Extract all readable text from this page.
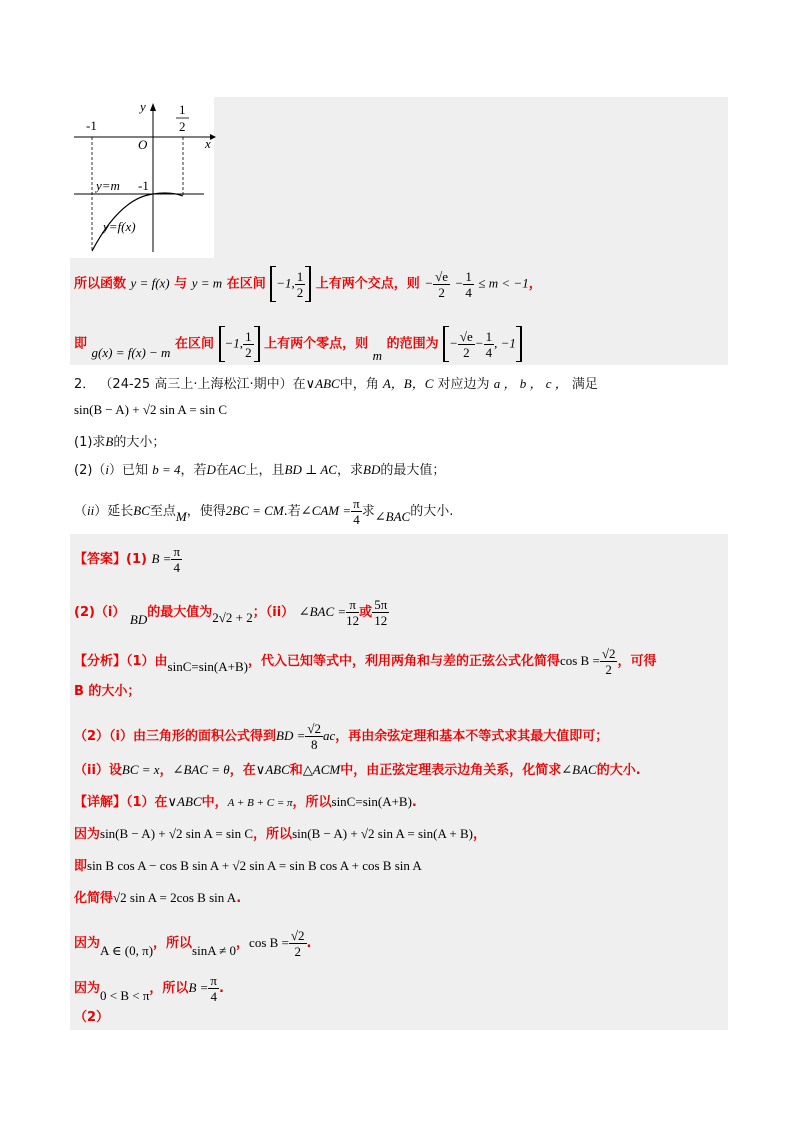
y
x
O
-1
1
2
y=m -1
y=f(x)
所以函数 y = f(x) 与 y = m 在区间 −1, $\frac{1}{2}$ 上有两个交点，则 − $\frac{√e}{2} - \frac{1}{4} \le m < -1$，
即 g(x) = f(x) − m 在区间 −1, $\frac{1}{2}$ 上有两个零点，则 m 的范围为 − $\frac{√e}{2} - \frac{1}{4}$ , −1
2． （24-25 高三上·上海松江·期中）在∨ABC中，角 A，B，C 对应边为 a ， b ， c ， 满足
sin(B − A) + √2 sin A = sin C
(1)求B的大小；
(2)（i）已知 b = 4，若D在AC上，且BD ⊥ AC，求BD的最大值；
（ii）延长BC至点M，使得2BC = CM.若∠CAM = $\frac{\pi}{4}$ 求∠BAC的大小.
【答案】(1) $B = \frac{\pi}{4}$
(2)（i） BD的最大值为2√2 + 2；（ii） ∠BAC = $\frac{\pi}{12}$ 或 $\frac{5\pi}{12}$
【分析】（1）由sinC=sin(A+B)，代入已知等式中，利用两角和与差的正弦公式化简得$\cos B = \frac{√2}{2}$ ，可得
B 的大小；
（2）（i）由三角形的面积公式得到BD = $\frac{√2}{8}$ ac，再由余弦定理和基本不等式求其最大值即可；
（ii）设BC = x，∠BAC = θ，在∨ABC和△ACM中，由正弦定理表示边角关系，化简求∠BAC的大小.
【详解】（1）在∨ABC中，A + B + C = π，所以sinC=sin(A+B).
因为sin(B − A) + √2 sin A = sin C，所以sin(B − A) + √2 sin A = sin(A + B)，
即sin B cos A − cos B sin A + √2 sin A = sin B cos A + cos B sin A
化简得√2 sin A = 2cos B sin A.
因为A ∈ (0, π)，所以sinA ≠ 0，$\cos B = \frac{√2}{2}$ .
因为0 < B < π，所以$B = \frac{\pi}{4}$ .
（2）
